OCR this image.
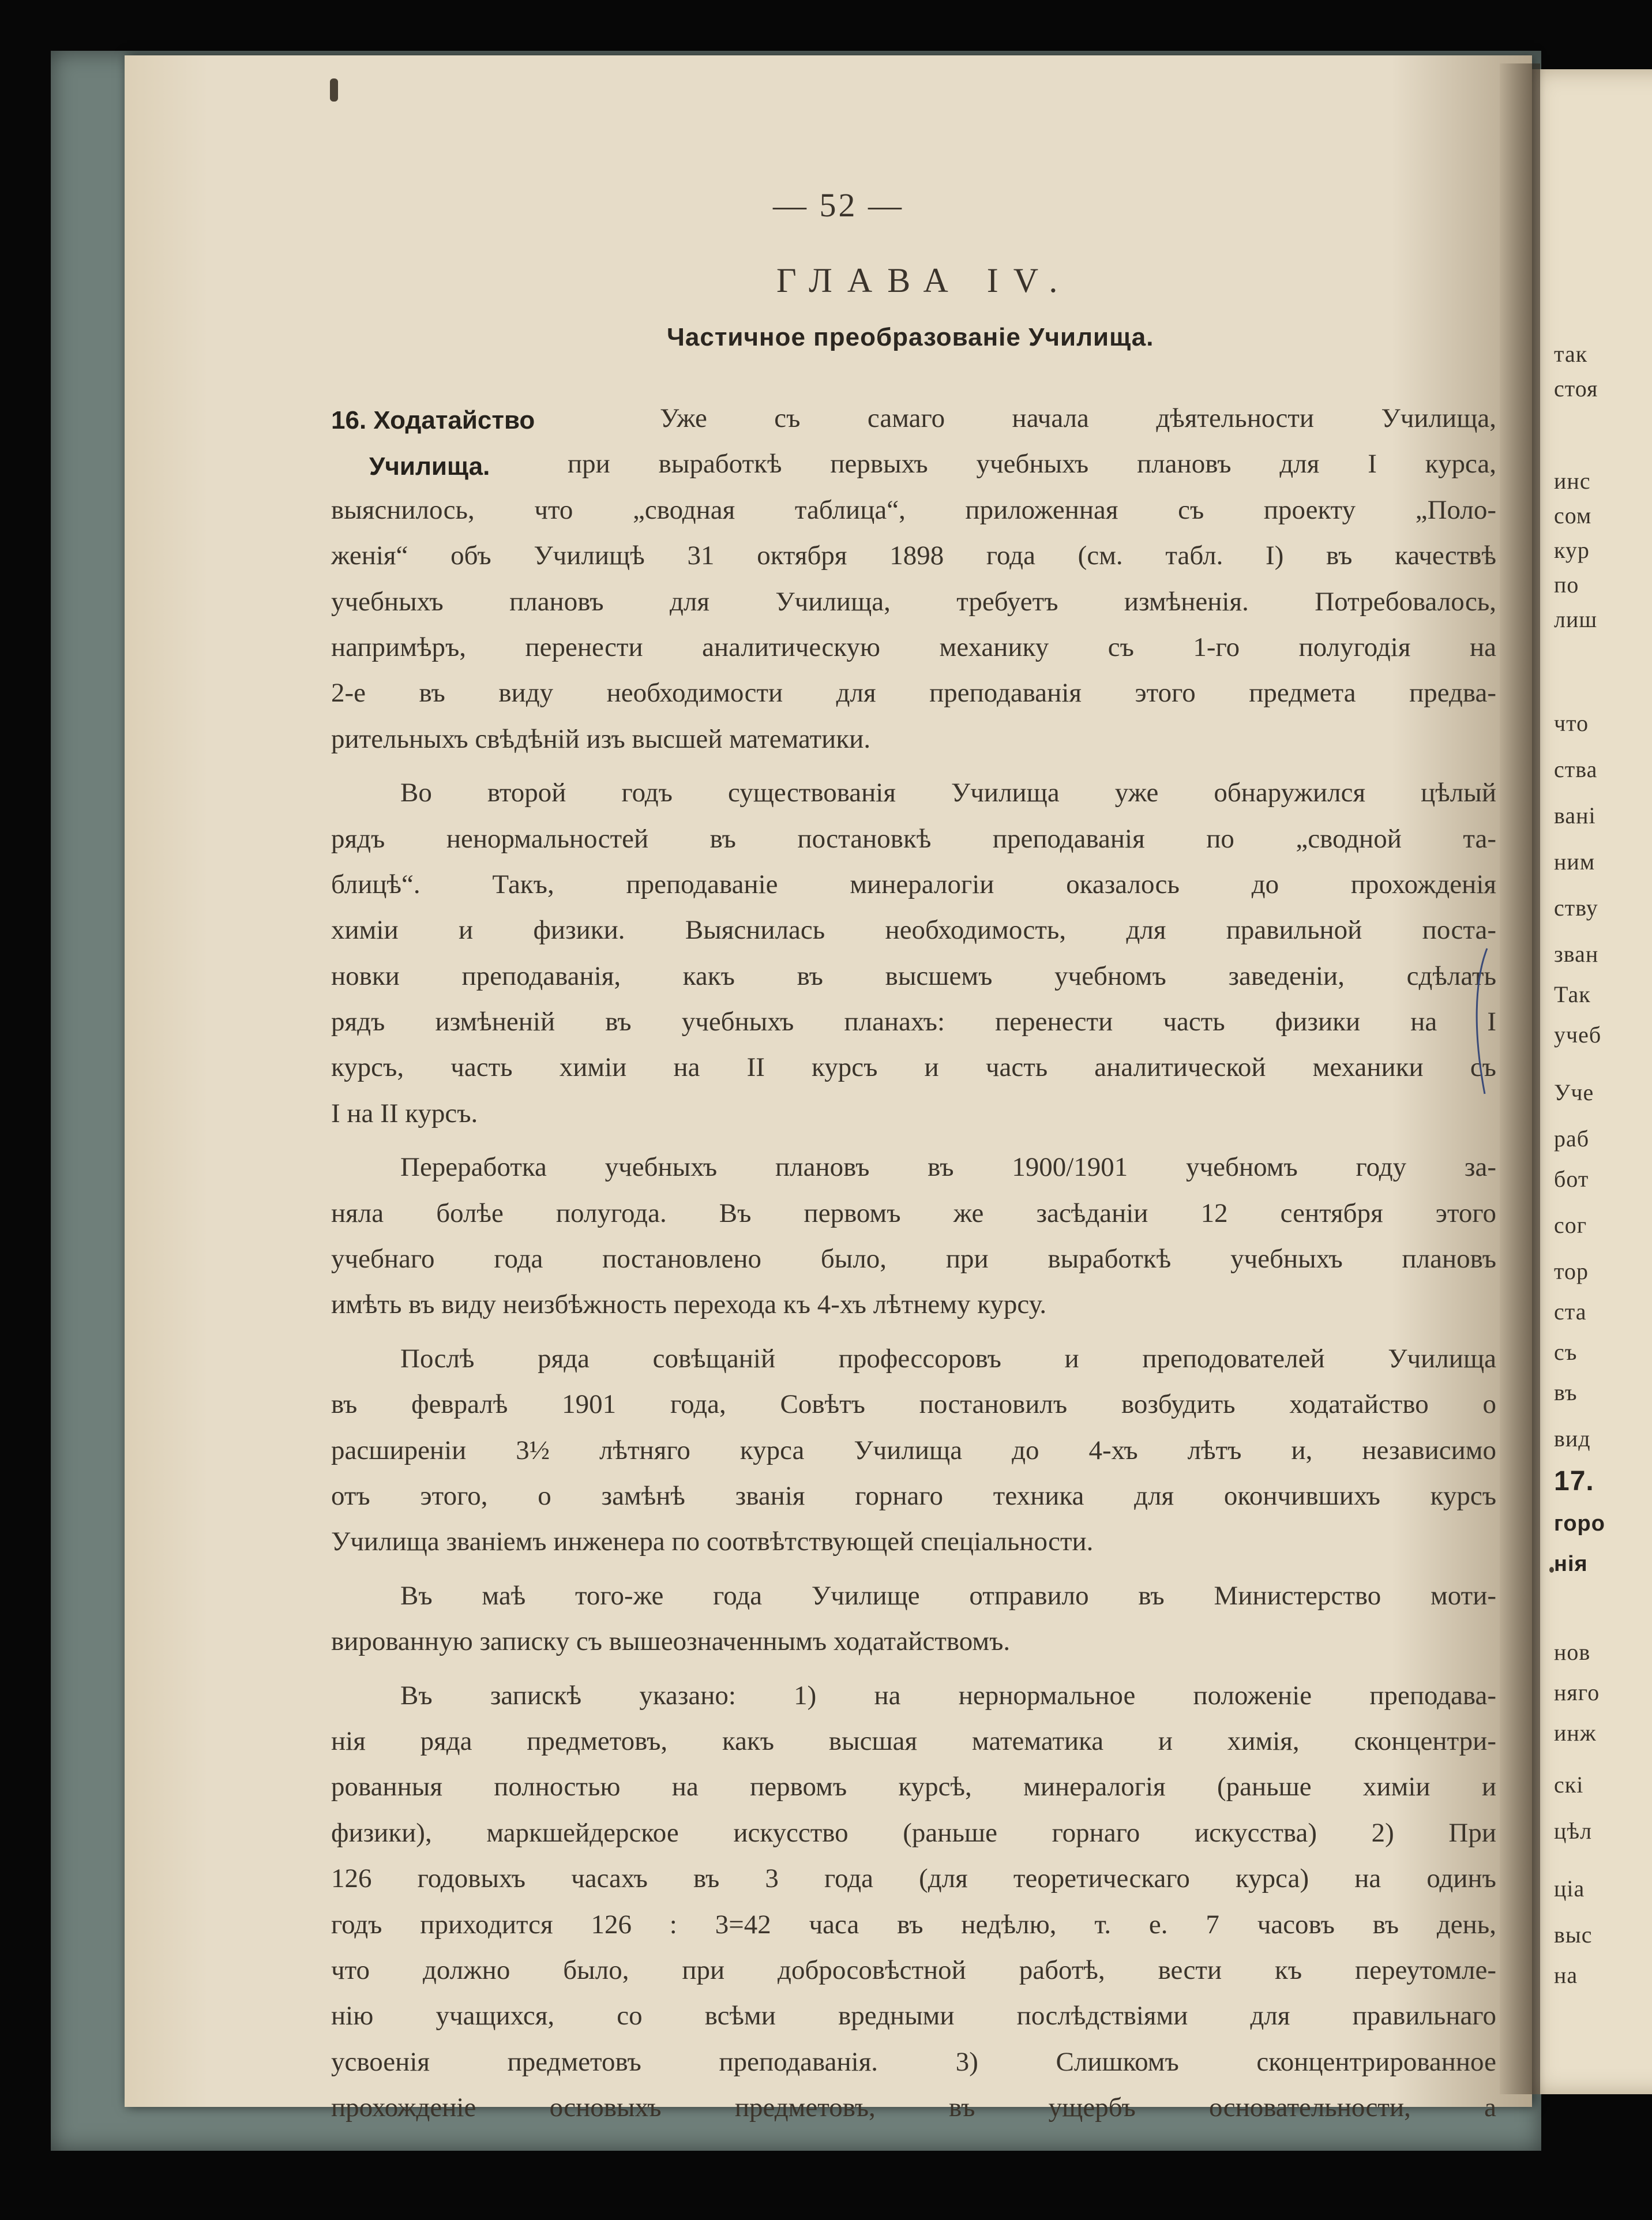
так

стоя

инс

сом

кур

по

лиш

что

ства

вані

ним

ству

зван

Так

учеб

Уче

раб

бот

сог

тор

ста

съ

въ

вид

17.

горо

нія

нов

няго

инж

скі

цѣл

ціа

выс

на

— 52 —

ГЛАВА IV.

Частичное преобразованіе Училища.

16. Ходатайство

Училища.

Уже съ самаго начала дѣятельности Училища,
при выработкѣ первыхъ учебныхъ плановъ для I курса,
выяснилось, что „сводная таблица“, приложенная съ проекту „Поло-
женія“ объ Училищѣ 31 октября 1898 года (см. табл. I) въ качествѣ
учебныхъ плановъ для Училища, требуетъ измѣненія. Потребовалось,
напримѣръ, перенести аналитическую механику съ 1-го полугодія на
2-е въ виду необходимости для преподаванія этого предмета предва-
рительныхъ свѣдѣній изъ высшей математики.
Во второй годъ существованія Училища уже обнаружился цѣлый
рядъ ненормальностей въ постановкѣ преподаванія по „сводной та-
блицѣ“. Такъ, преподаваніе минералогіи оказалось до прохожденія
химіи и физики. Выяснилась необходимость, для правильной поста-
новки преподаванія, какъ въ высшемъ учебномъ заведеніи, сдѣлать
рядъ измѣненій въ учебныхъ планахъ: перенести часть физики на I
курсъ, часть химіи на II курсъ и часть аналитической механики съ
I на II курсъ.
Переработка учебныхъ плановъ въ 1900/1901 учебномъ году за-
няла болѣе полугода. Въ первомъ же засѣданіи 12 сентября этого
учебнаго года постановлено было, при выработкѣ учебныхъ плановъ
имѣть въ виду неизбѣжность перехода къ 4-хъ лѣтнему курсу.
Послѣ ряда совѣщаній профессоровъ и преподователей Училища
въ февралѣ 1901 года, Совѣтъ постановилъ возбудить ходатайство о
расширеніи 3½ лѣтняго курса Училища до 4-хъ лѣтъ и, независимо
отъ этого, о замѣнѣ званія горнаго техника для окончившихъ курсъ
Училища званіемъ инженера по соотвѣтствующей спеціальности.
Въ маѣ того-же года Училище отправило въ Министерство моти-
вированную записку съ вышеозначеннымъ ходатайствомъ.
Въ запискѣ указано: 1) на нернормальное положеніе преподава-
нія ряда предметовъ, какъ высшая математика и химія, сконцентри-
рованныя полностью на первомъ курсѣ, минералогія (раньше химіи и
физики), маркшейдерское искусство (раньше горнаго искусства) 2) При
126 годовыхъ часахъ въ 3 года (для теоретическаго курса) на одинъ
годъ приходится 126 : 3=42 часа въ недѣлю, т. е. 7 часовъ въ день,
что должно было, при добросовѣстной работѣ, вести къ переутомле-
нію учащихся, со всѣми вредными послѣдствіями для правильнаго
усвоенія предметовъ преподаванія. 3) Слишкомъ сконцентрированное
прохожденіе основыхъ предметовъ, въ ущербъ основательности, а
